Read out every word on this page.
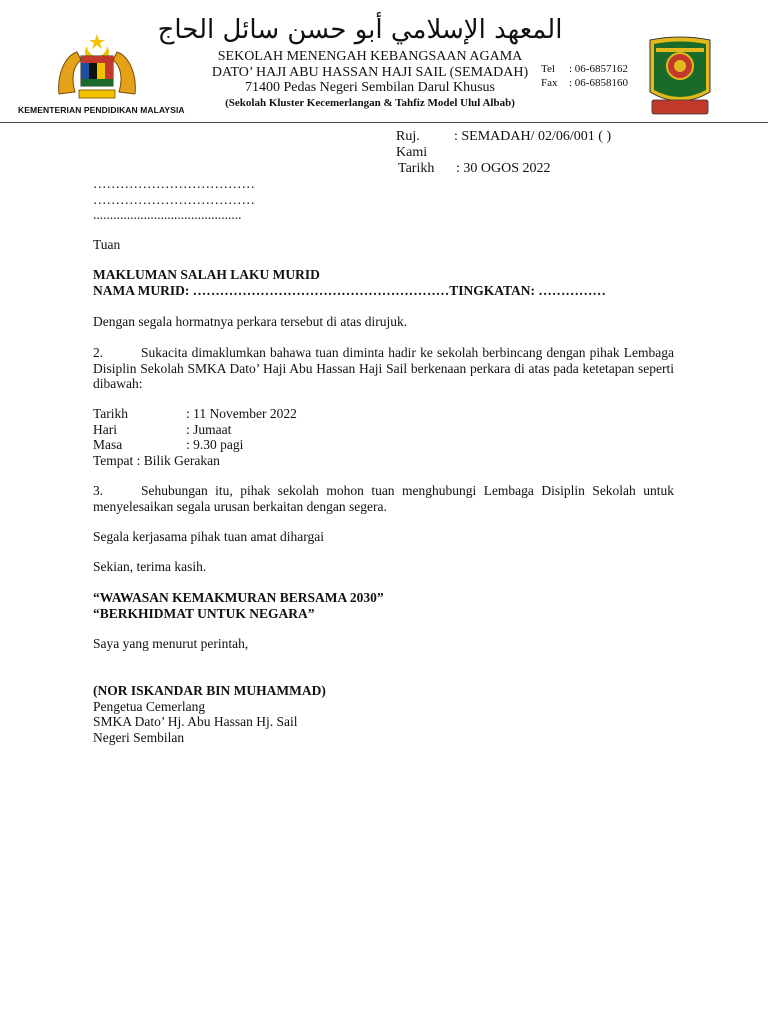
المعهد الإسلامي أبو حسن سائل الحاج
SEKOLAH MENENGAH KEBANGSAAN AGAMA
DATO’ HAJI ABU HASSAN HAJI SAIL (SEMADAH)
71400 Pedas Negeri Sembilan Darul Khusus
(Sekolah Kluster Kecemerlangan & Tahfiz Model Ulul Albab)
Tel	: 06-6857162
Fax	: 06-6858160
KEMENTERIAN PENDIDIKAN MALAYSIA
Ruj. Kami
: SEMADAH/ 02/06/001 ( )
Tarikh	: 30 OGOS 2022
………………………………
………………………………
............................................
Tuan
MAKLUMAN SALAH LAKU MURID
NAMA MURID: …………………………………………………TINGKATAN: ……………
Dengan segala hormatnya perkara tersebut di atas dirujuk.
2.	Sukacita dimaklumkan bahawa tuan diminta hadir ke sekolah berbincang dengan pihak Lembaga Disiplin Sekolah SMKA Dato’ Haji Abu Hassan Haji Sail berkenaan perkara di atas pada ketetapan seperti dibawah:
Tarikh	: 11 November 2022
Hari	: Jumaat
Masa	: 9.30 pagi
Tempat : Bilik Gerakan
3.	Sehubungan itu, pihak sekolah mohon tuan menghubungi Lembaga Disiplin Sekolah untuk menyelesaikan segala urusan berkaitan dengan segera.
Segala kerjasama pihak tuan amat dihargai
Sekian, terima kasih.
“WAWASAN KEMAKMURAN BERSAMA 2030”
“BERKHIDMAT UNTUK NEGARA”
Saya yang menurut perintah,
(NOR ISKANDAR BIN MUHAMMAD)
Pengetua Cemerlang
SMKA Dato’ Hj. Abu Hassan Hj. Sail
Negeri Sembilan
